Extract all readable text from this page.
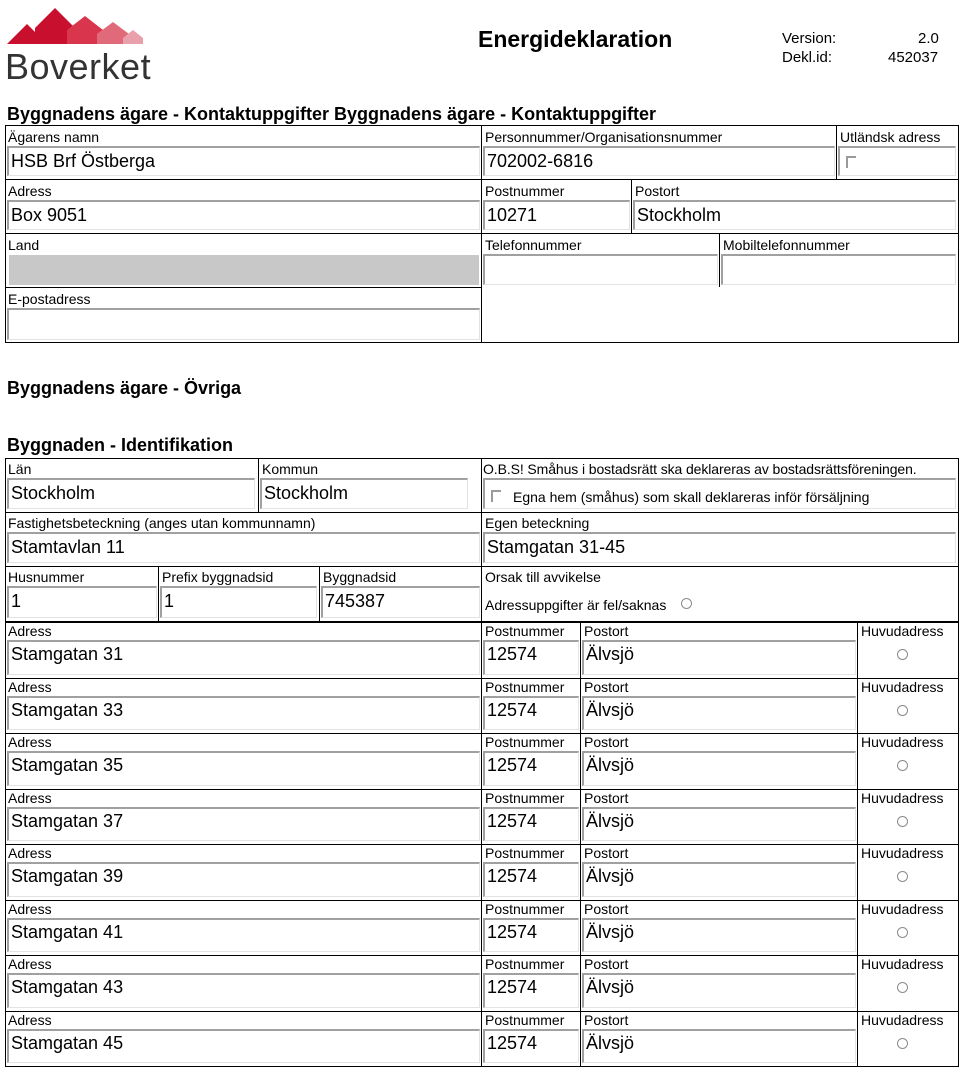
Boverket
Energideklaration	Version:	2.0
Dekl.id:	452037
Byggnadens ägare - Kontaktuppgifter Byggnadens ägare - Kontaktuppgifter
Ägarens namn
HSB Brf Östberga
Personnummer/Organisationsnummer
702002-6816
Utländsk adress
Adress
Box 9051
Postnummer
10271
Postort
Stockholm
Land	Telefonnummer	Mobiltelefonnummer
E-postadress
Byggnadens ägare - Övriga
Byggnaden - Identifikation
Län
Stockholm
Kommun
Stockholm
O.B.S! Småhus i bostadsrätt ska deklareras av bostadsrättsföreningen.
Egna hem (småhus) som skall deklareras inför försäljning
Fastighetsbeteckning (anges utan kommunnamn)
Stamtavlan 11
Egen beteckning
Stamgatan 31-45
Husnummer
1
Prefix byggnadsid
1
Byggnadsid
745387
Orsak till avvikelse
Adressuppgifter är fel/saknas
Adress
Stamgatan 31
Postnummer
12574
Postort
Älvsjö
Huvudadress
Adress
Stamgatan 33
Postnummer
12574
Postort
Älvsjö
Huvudadress
Adress
Stamgatan 35
Postnummer
12574
Postort
Älvsjö
Huvudadress
Adress
Stamgatan 37
Postnummer
12574
Postort
Älvsjö
Huvudadress
Adress
Stamgatan 39
Postnummer
12574
Postort
Älvsjö
Huvudadress
Adress
Stamgatan 41
Postnummer
12574
Postort
Älvsjö
Huvudadress
Adress
Stamgatan 43
Postnummer
12574
Postort
Älvsjö
Huvudadress
Adress
Stamgatan 45
Postnummer
12574
Postort
Älvsjö
Huvudadress
